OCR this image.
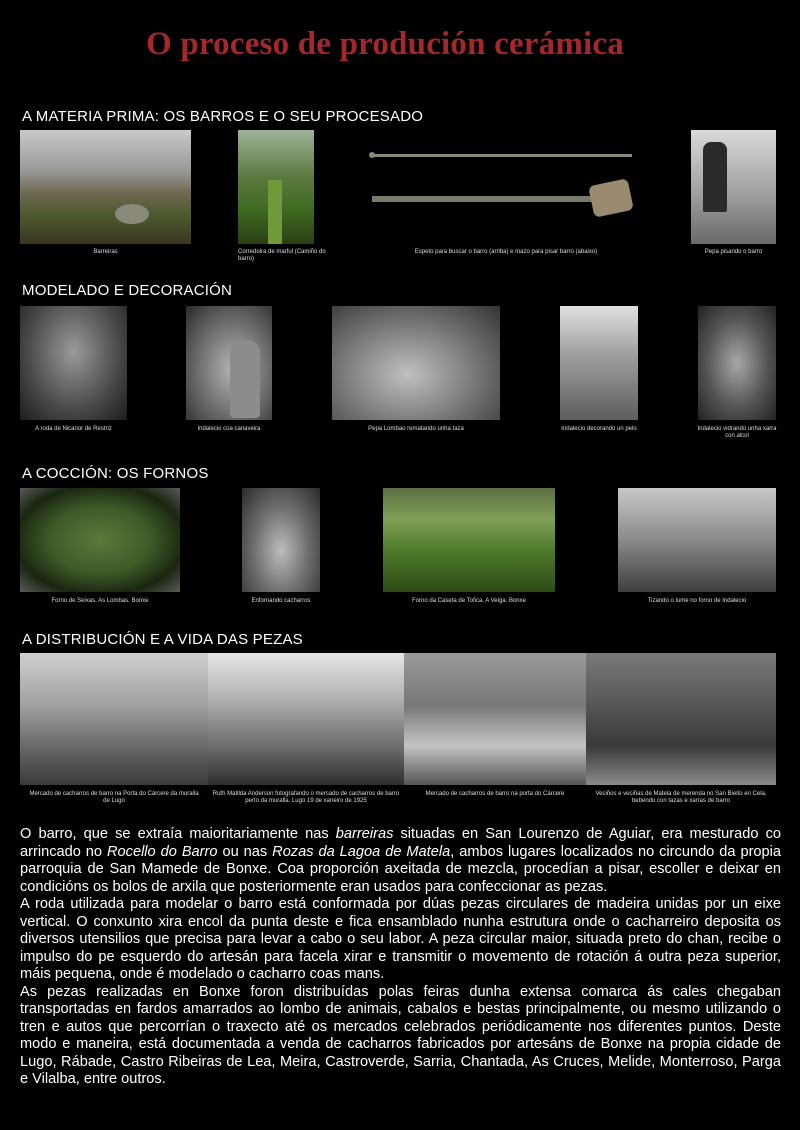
O proceso de produción cerámica
A MATERIA PRIMA: OS BARROS E O SEU PROCESADO
Barreiras	Corredoira de marful (Camiño do barro)
Espeto para buscar o barro (arriba) e mazo para pisar barro (abaixo)	Pepa pisando o barro
MODELADO E DECORACIÓN
A roda de Nicanor de Restriz	Indalecio coa canaveira	Pepa Lombao rematando unha taza	Indalecio decorando un pelo	Indalecio vidrando unha xarra con alcol
A COCCIÓN: OS FORNOS
Forno de Seixas. As Lombas. Bonxe	Enfornando cacharros	Forno da Caseta de Tofica. A Veiga. Bonxe	Tizando o lume no forno de Indalecio
A DISTRIBUCIÓN E A VIDA DAS PEZAS
Mercado de cacharros de barro na Porta do Cárcere da muralla de Lugo
Ruth Matilda Anderson fotografando o mercado de cacharros de barro perto da muralla. Lugo 19 de xaneiro de 1925
Mercado de cacharros de barro na porta do Cárcere	Veciños e veciñas de Matela de merenda no San Bieito en Cela, bebendo con tazas e xarras de barro

O barro, que se extraía maioritariamente nas barreiras situadas en San Lourenzo de Aguiar, era mesturado co arrincado no Rocello do Barro ou nas Rozas da Lagoa de Matela, ambos lugares localizados no circundo da propia parroquia de San Mamede de Bonxe. Coa proporción axeitada de mezcla, procedían a pisar, escoller e deixar en condicións os bolos de arxila que posteriormente eran usados para confeccionar as pezas.

A roda utilizada para modelar o barro está conformada por dúas pezas circulares de madeira unidas por un eixe vertical. O conxunto xira encol da punta deste e fica ensamblado nunha estrutura onde o cacharreiro deposita os diversos utensilios que precisa para levar a cabo o seu labor. A peza circular maior, situada preto do chan, recibe o impulso do pe esquerdo do artesán para facela xirar e transmitir o movemento de rotación á outra peza superior, máis pequena, onde é modelado o cacharro coas mans.

As pezas realizadas en Bonxe foron distribuídas polas feiras dunha extensa comarca ás cales chegaban transportadas en fardos amarrados ao lombo de animais, cabalos e bestas principalmente, ou mesmo utilizando o tren e autos que percorrían o traxecto até os mercados celebrados periódicamente nos diferentes puntos. Deste modo e maneira, está documentada a venda de cacharros fabricados por artesáns de Bonxe na propia cidade de Lugo, Rábade, Castro Ribeiras de Lea, Meira, Castroverde, Sarria, Chantada, As Cruces, Melide, Monterroso, Parga e Vilalba, entre outros.
